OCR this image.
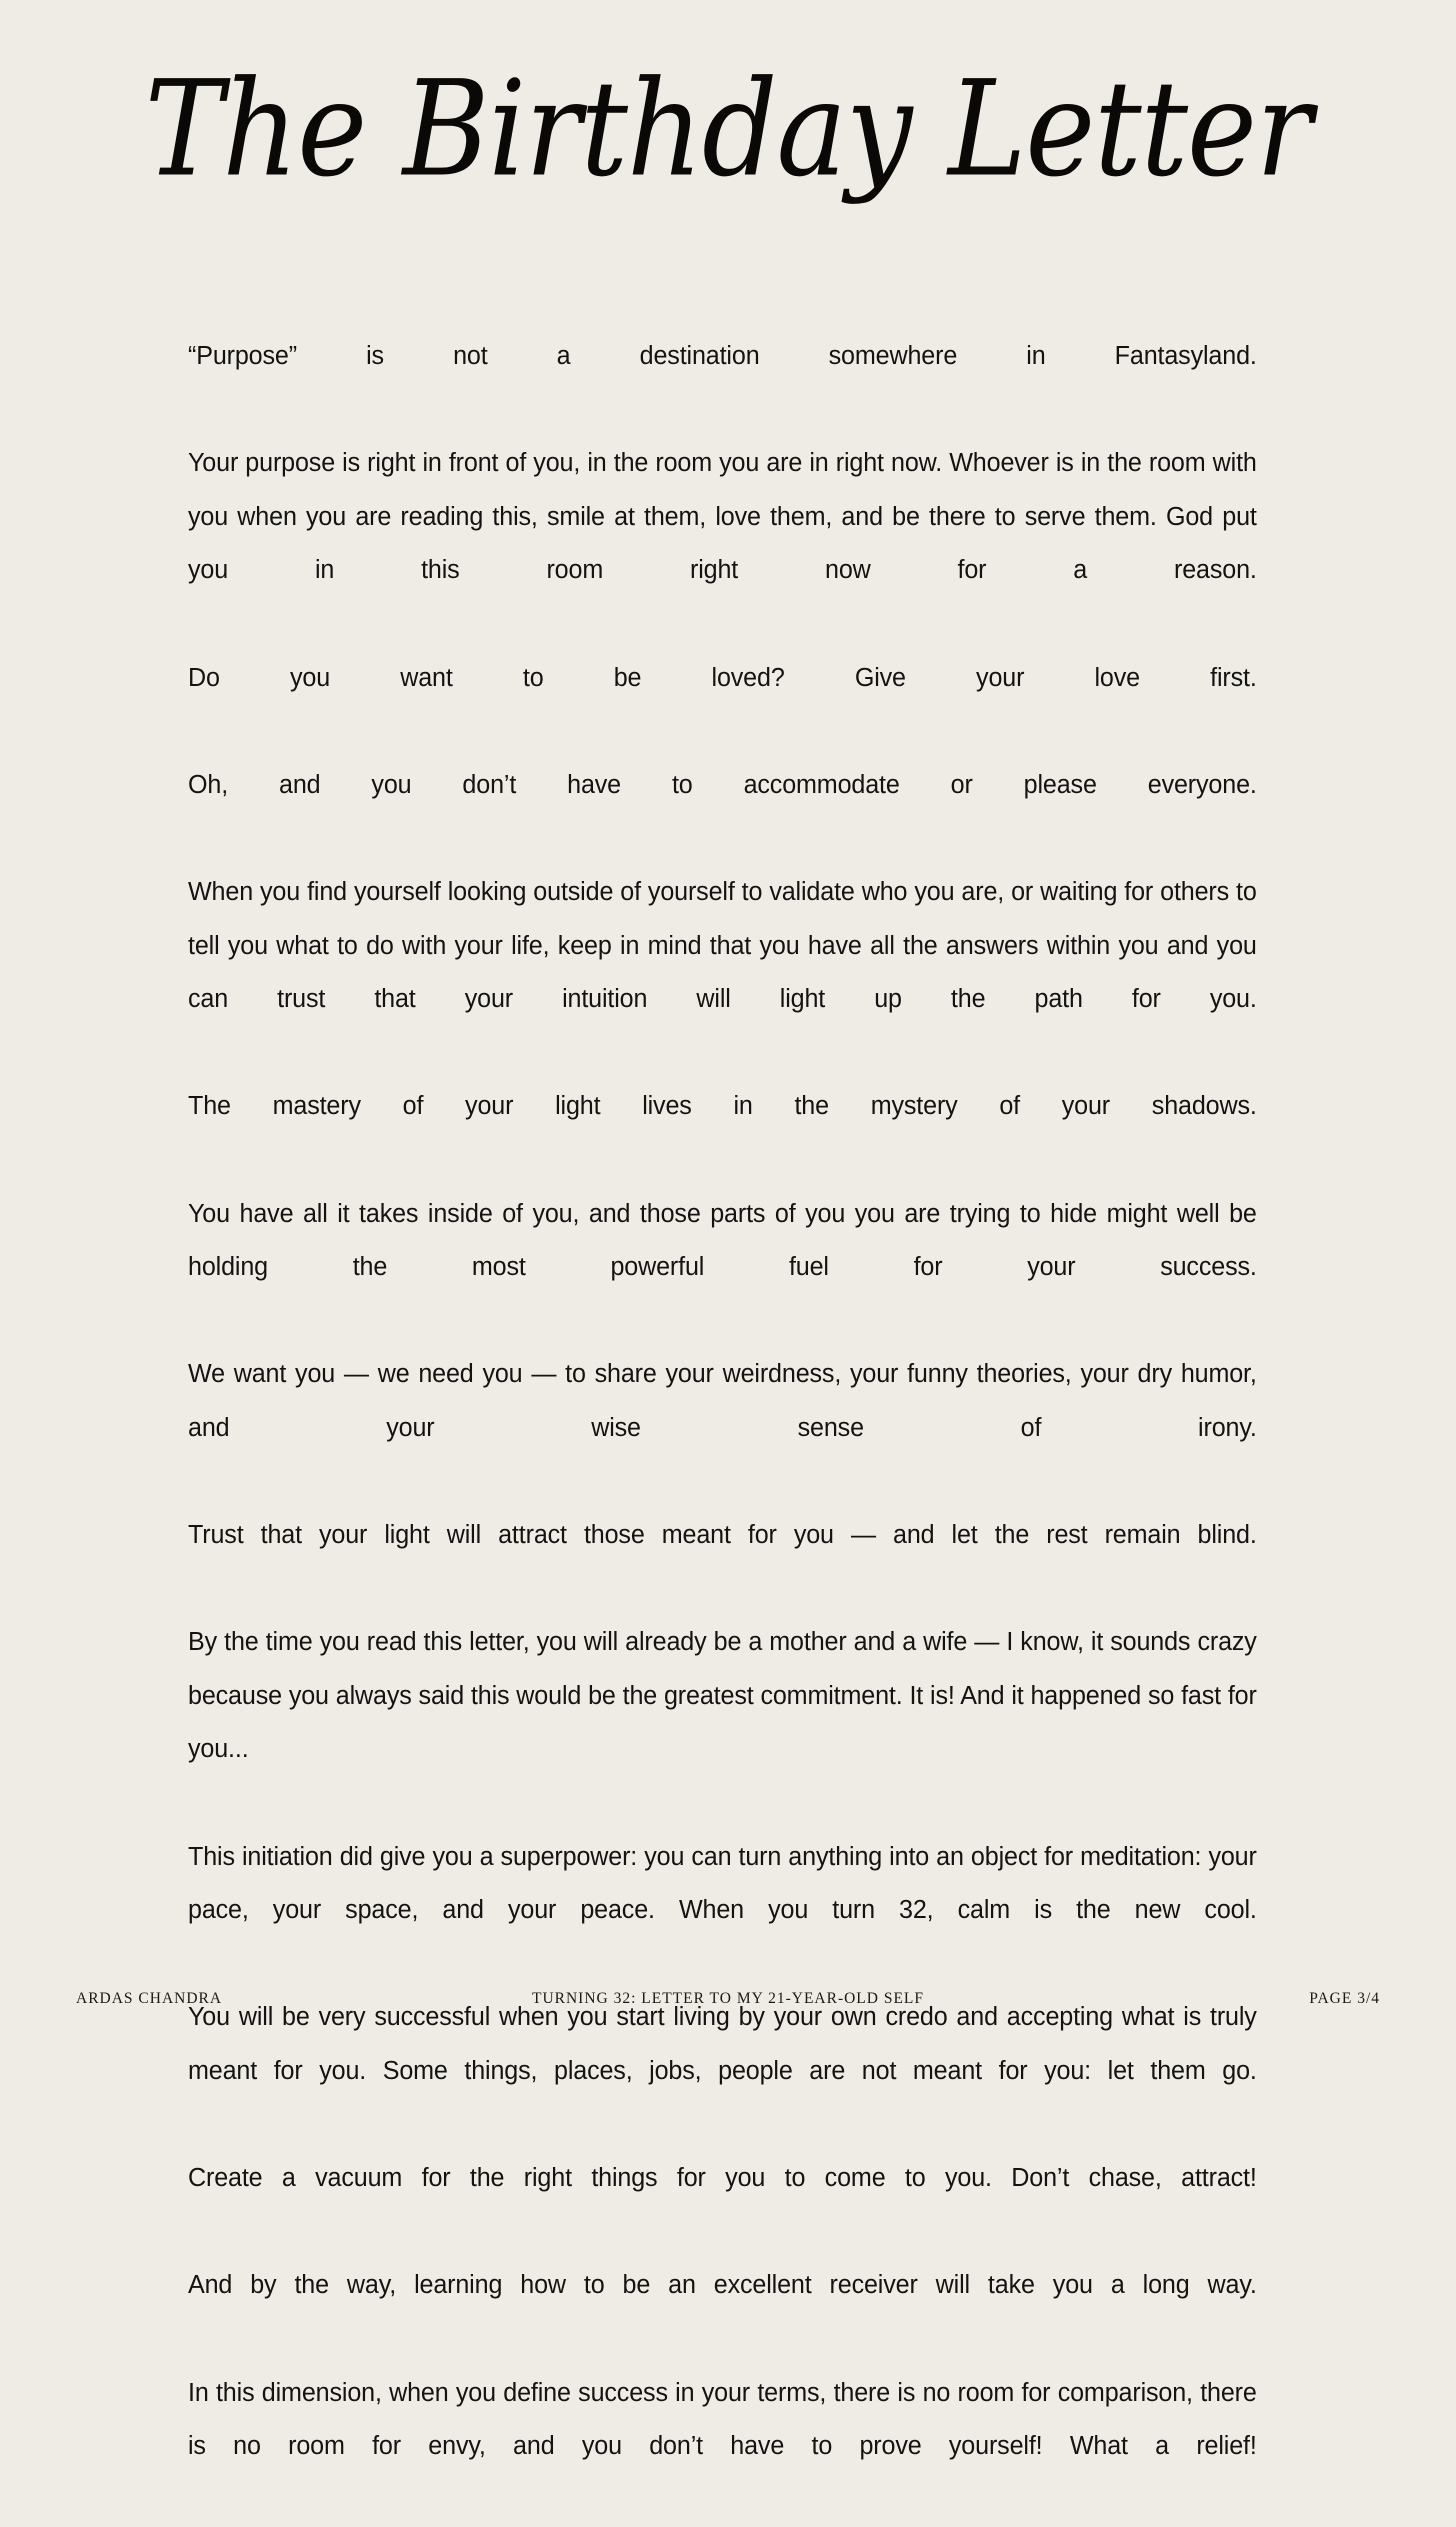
The Birthday Letter

“Purpose” is not a destination somewhere in Fantasyland.

Your purpose is right in front of you, in the room you are in right now. Whoever is in the room with you when you are reading this, smile at them, love them, and be there to serve them. God put you in this room right now for a reason.

Do you want to be loved? Give your love first.

Oh, and you don’t have to accommodate or please everyone.

When you find yourself looking outside of yourself to validate who you are, or waiting for others to tell you what to do with your life, keep in mind that you have all the answers within you and you can trust that your intuition will light up the path for you.

The mastery of your light lives in the mystery of your shadows.

You have all it takes inside of you, and those parts of you you are trying to hide might well be holding the most powerful fuel for your success.

We want you — we need you — to share your weirdness, your funny theories, your dry humor, and your wise sense of irony.

Trust that your light will attract those meant for you — and let the rest remain blind.

By the time you read this letter, you will already be a mother and a wife — I know, it sounds crazy because you always said this would be the greatest commitment. It is! And it happened so fast for you...

This initiation did give you a superpower: you can turn anything into an object for meditation: your pace, your space, and your peace. When you turn 32, calm is the new cool.

You will be very successful when you start living by your own credo and accepting what is truly meant for you. Some things, places, jobs, people are not meant for you: let them go.

Create a vacuum for the right things for you to come to you. Don’t chase, attract!

And by the way, learning how to be an excellent receiver will take you a long way.

In this dimension, when you define success in your terms, there is no room for comparison, there is no room for envy, and you don’t have to prove yourself! What a relief!

ARDAS CHANDRA	TURNING 32: LETTER TO MY 21-YEAR-OLD SELF	PAGE 3/4
